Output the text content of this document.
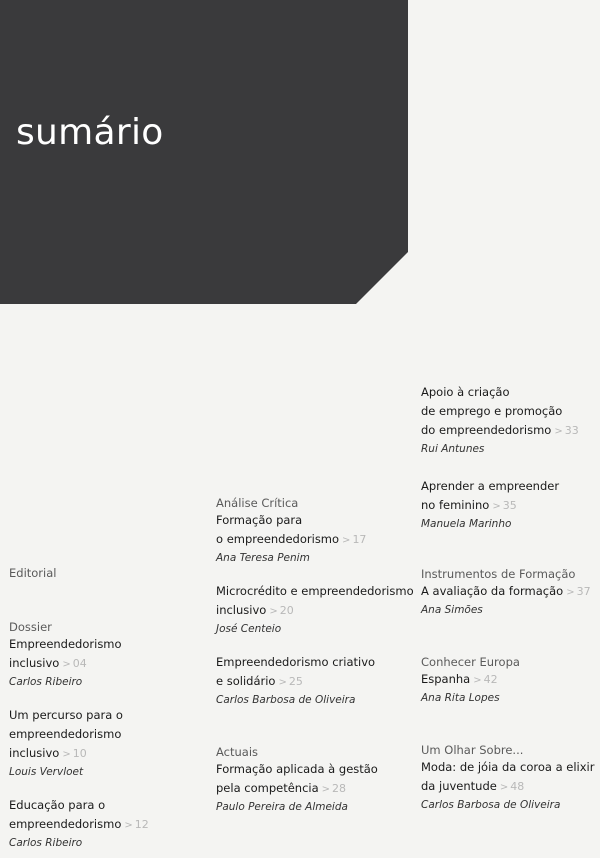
sumário
Editorial
Dossier
Empreendedorismo inclusivo > 04
Carlos Ribeiro
Um percurso para o
empreendedorismo inclusivo > 10
Louis Vervloet
Educação para o
empreendedorismo > 12
Carlos Ribeiro
Análise Crítica
Formação para
o empreendedorismo > 17
Ana Teresa Penim
Microcrédito e empreendedorismo
inclusivo > 20
José Centeio
Empreendedorismo criativo
e solidário > 25
Carlos Barbosa de Oliveira
Actuais
Formação aplicada à gestão
pela competência > 28
Paulo Pereira de Almeida
Apoio à criação
de emprego e promoção
do empreendedorismo > 33
Rui Antunes
Aprender a empreender
no feminino > 35
Manuela Marinho
Instrumentos de Formação
A avaliação da formação > 37
Ana Simões
Conhecer Europa
Espanha > 42
Ana Rita Lopes
Um Olhar Sobre...
Moda: de jóia da coroa a elixir
da juventude > 48
Carlos Barbosa de Oliveira
